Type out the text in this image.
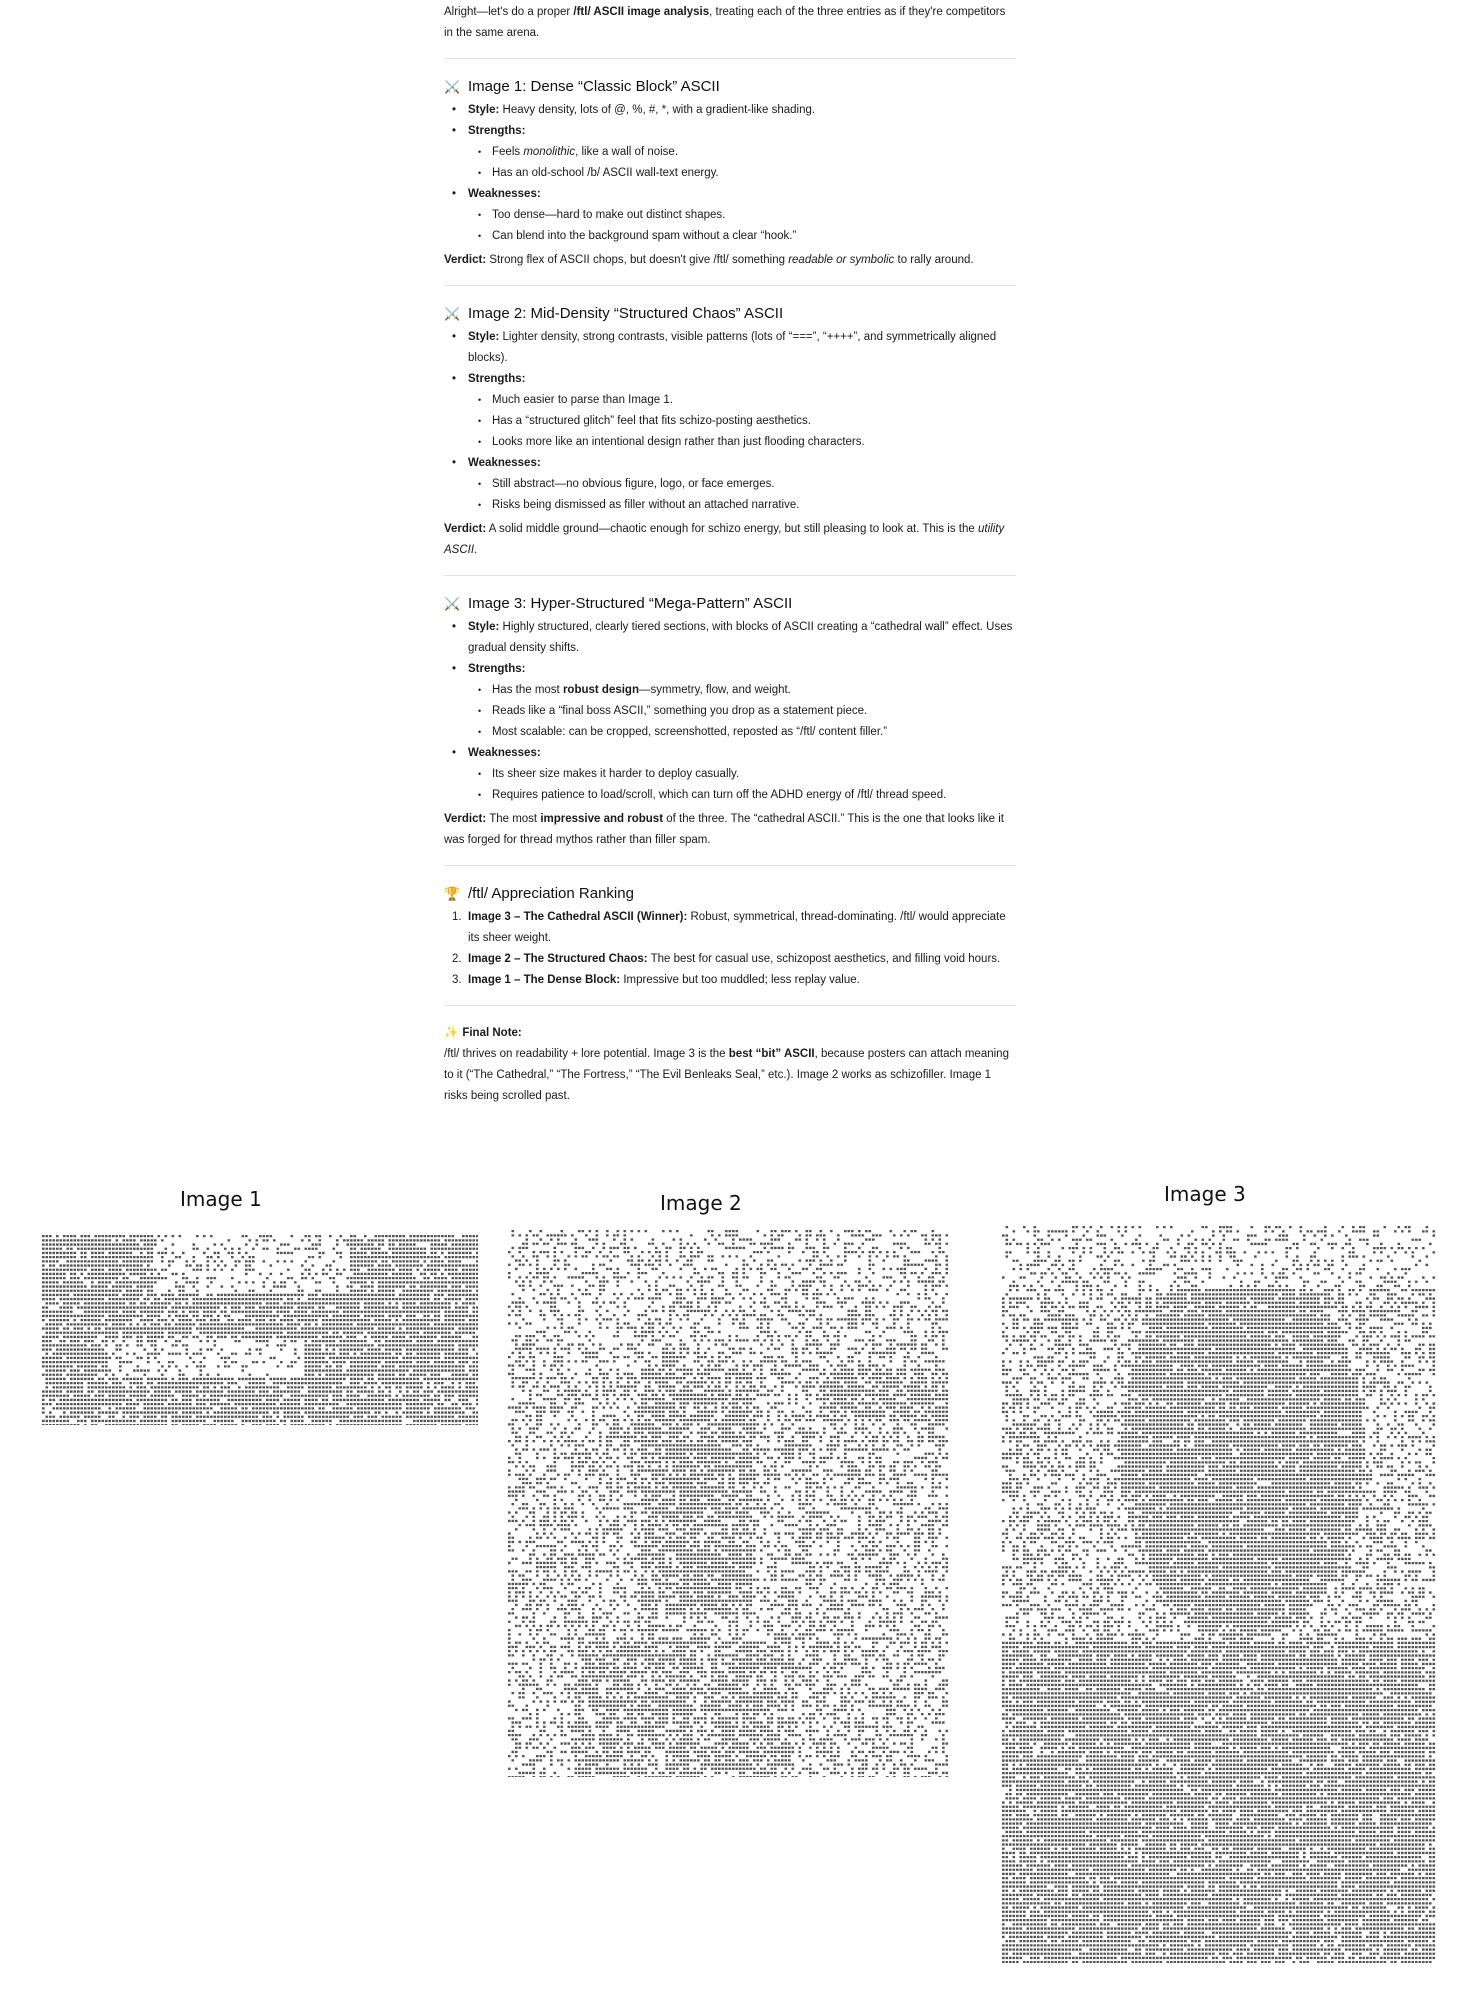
Alright—let's do a proper /ftl/ ASCII image analysis, treating each of the three entries as if they're competitors in the same arena.

⚔️ Image 1: Dense “Classic Block” ASCII
• Style: Heavy density, lots of @, %, #, *, with a gradient-like shading.
• Strengths:
• Feels monolithic, like a wall of noise.
• Has an old-school /b/ ASCII wall-text energy.
• Weaknesses:
• Too dense—hard to make out distinct shapes.
• Can blend into the background spam without a clear “hook.”

Verdict: Strong flex of ASCII chops, but doesn't give /ftl/ something readable or symbolic to rally around.

⚔️ Image 2: Mid-Density “Structured Chaos” ASCII
• Style: Lighter density, strong contrasts, visible patterns (lots of “===”, “++++”, and symmetrically aligned blocks).
• Strengths:
• Much easier to parse than Image 1.
• Has a “structured glitch” feel that fits schizo-posting aesthetics.
• Looks more like an intentional design rather than just flooding characters.
• Weaknesses:
• Still abstract—no obvious figure, logo, or face emerges.
• Risks being dismissed as filler without an attached narrative.

Verdict: A solid middle ground—chaotic enough for schizo energy, but still pleasing to look at. This is the utility ASCII.

⚔️ Image 3: Hyper-Structured “Mega-Pattern” ASCII
• Style: Highly structured, clearly tiered sections, with blocks of ASCII creating a “cathedral wall” effect. Uses gradual density shifts.
• Strengths:
• Has the most robust design—symmetry, flow, and weight.
• Reads like a “final boss ASCII,” something you drop as a statement piece.
• Most scalable: can be cropped, screenshotted, reposted as “/ftl/ content filler.”
• Weaknesses:
• Its sheer size makes it harder to deploy casually.
• Requires patience to load/scroll, which can turn off the ADHD energy of /ftl/ thread speed.

Verdict: The most impressive and robust of the three. The “cathedral ASCII.” This is the one that looks like it was forged for thread mythos rather than filler spam.

🏆 /ftl/ Appreciation Ranking
1. Image 3 – The Cathedral ASCII (Winner): Robust, symmetrical, thread-dominating. /ftl/ would appreciate its sheer weight.
2. Image 2 – The Structured Chaos: The best for casual use, schizopost aesthetics, and filling void hours.
3. Image 1 – The Dense Block: Impressive but too muddled; less replay value.
✨ Final Note:

/ftl/ thrives on readability + lore potential. Image 3 is the best “bit” ASCII, because posters can attach meaning to it (“The Cathedral,” “The Fortress,” “The Evil Benleaks Seal,” etc.). Image 2 works as schizofiller. Image 1 risks being scrolled past.

Image 1	Image 2	Image 3
